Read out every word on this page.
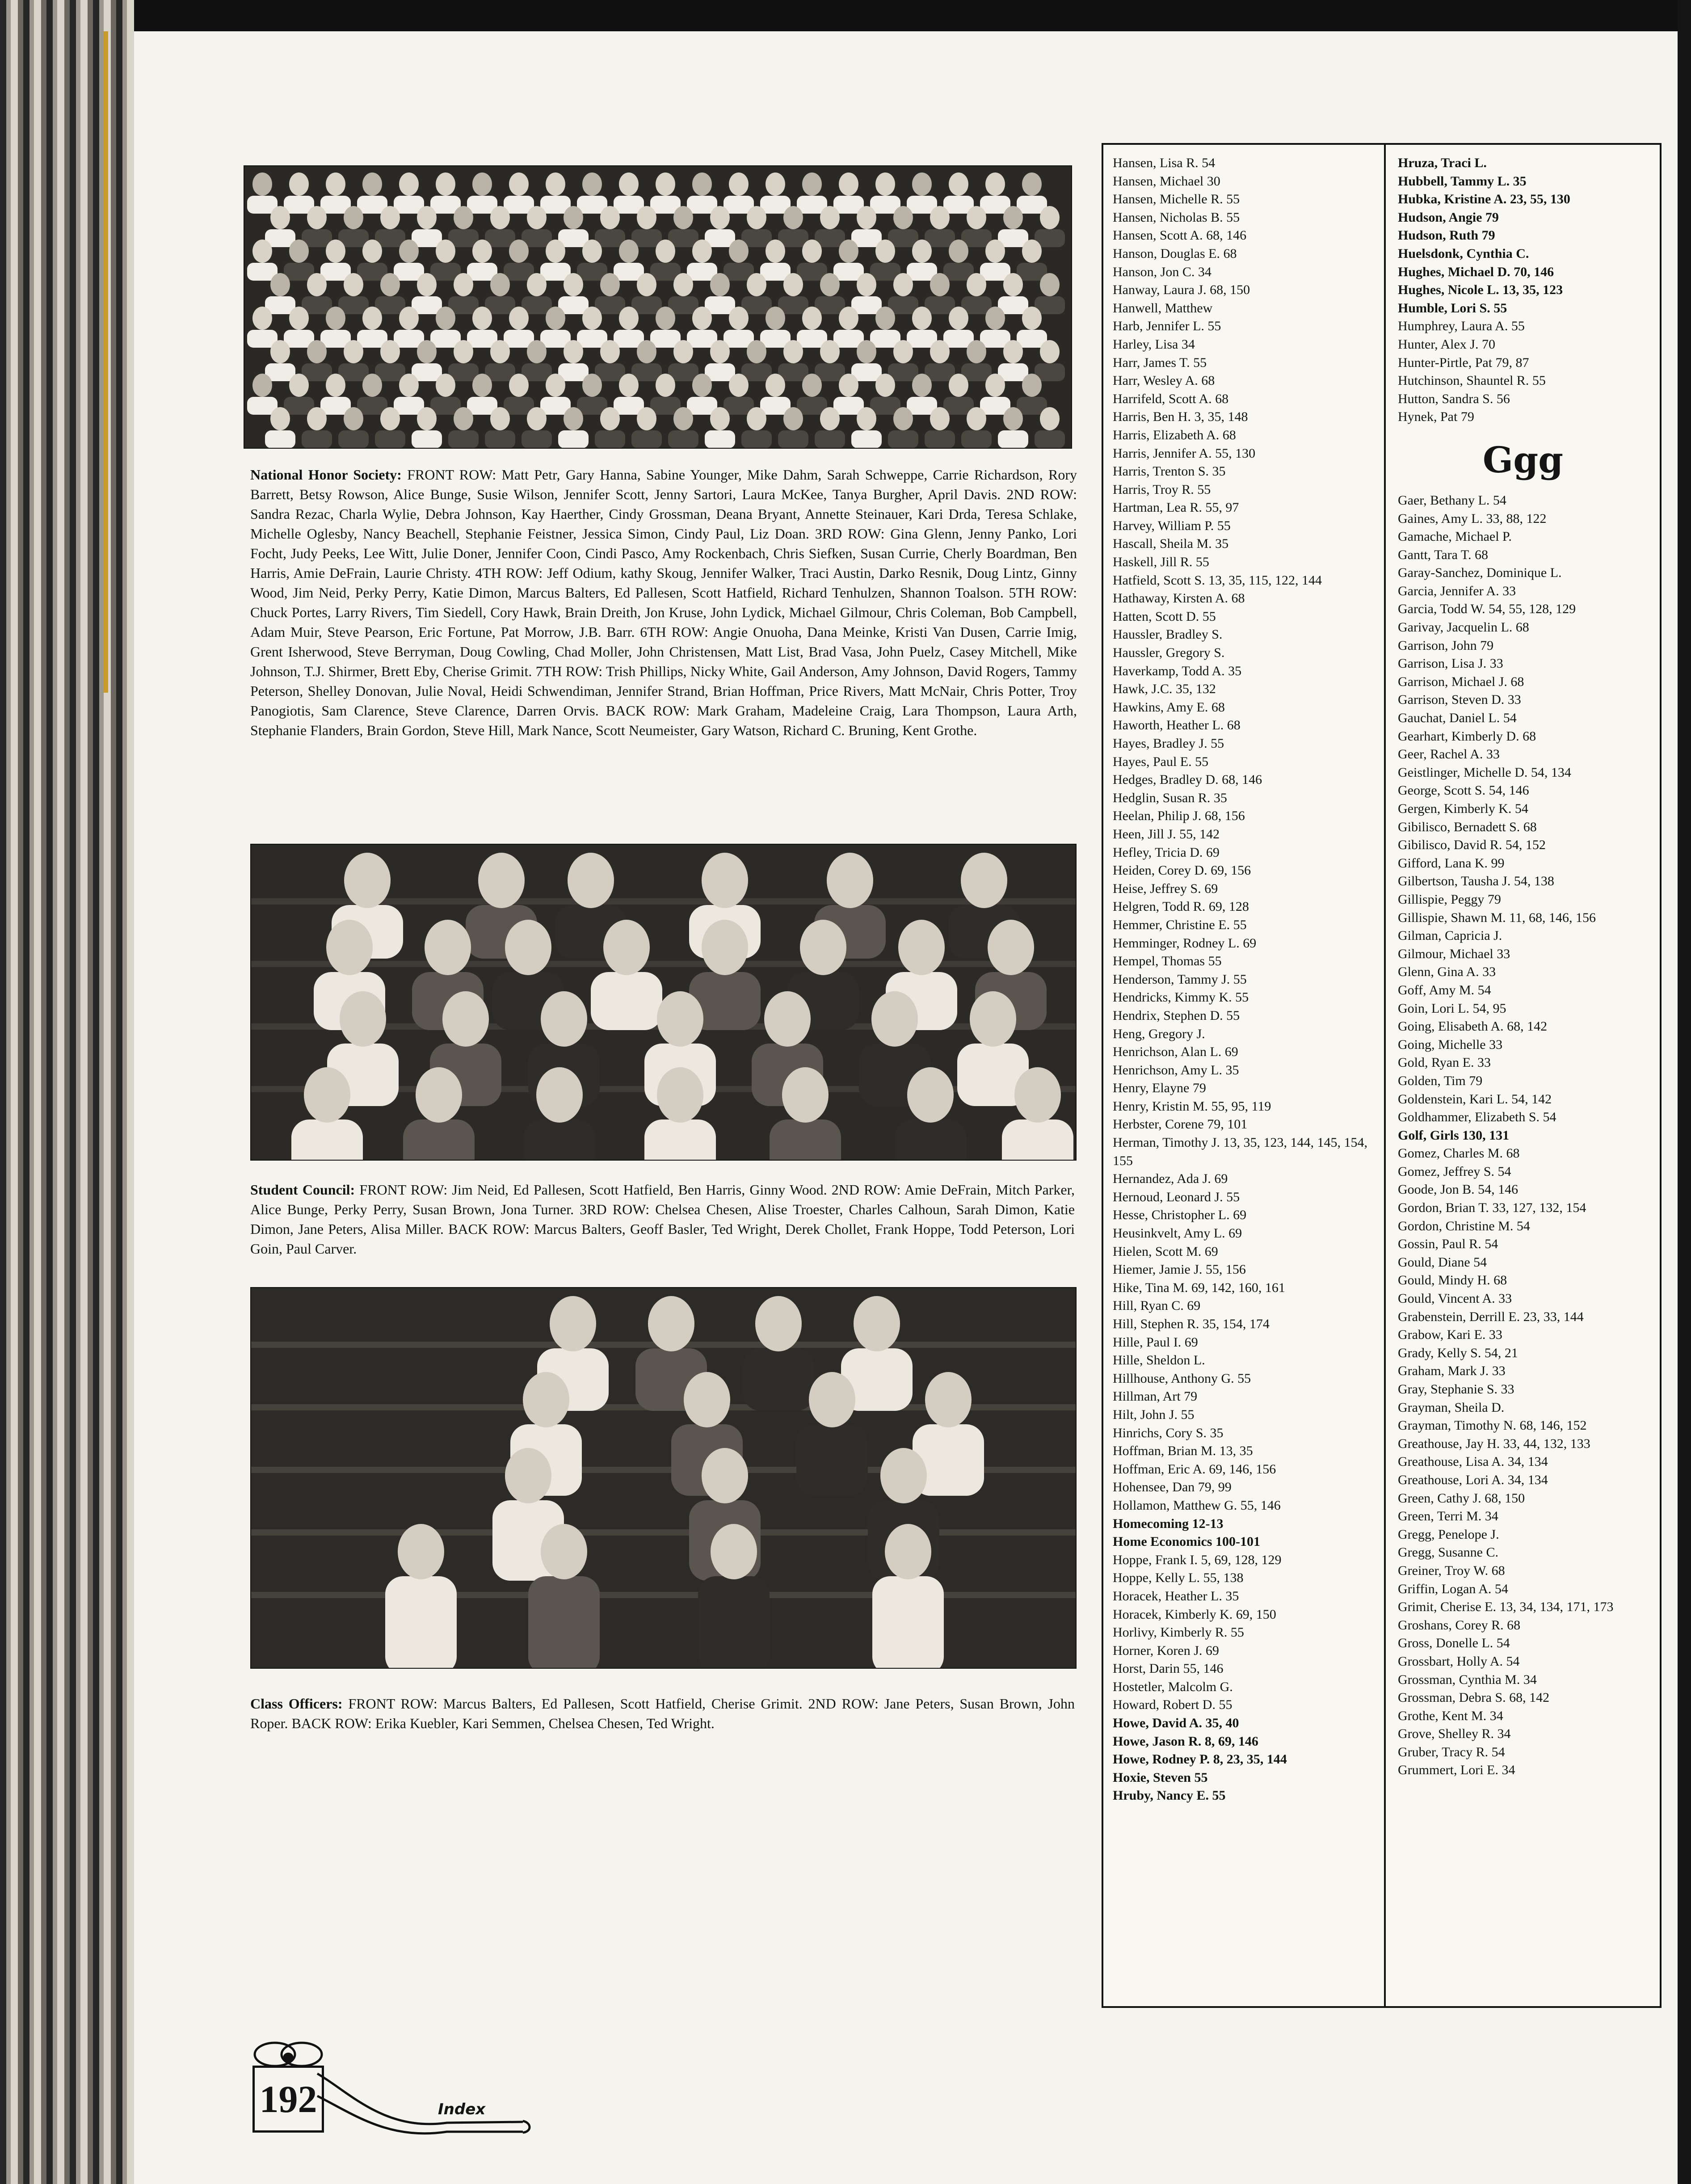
National Honor Society: FRONT ROW: Matt Petr, Gary Hanna, Sabine Younger, Mike Dahm, Sarah Schweppe, Carrie Richardson, Rory Barrett, Betsy Rowson, Alice Bunge, Susie Wilson, Jennifer Scott, Jenny Sartori, Laura McKee, Tanya Burgher, April Davis. 2ND ROW: Sandra Rezac, Charla Wylie, Debra Johnson, Kay Haerther, Cindy Grossman, Deana Bryant, Annette Steinauer, Kari Drda, Teresa Schlake, Michelle Oglesby, Nancy Beachell, Stephanie Feistner, Jessica Simon, Cindy Paul, Liz Doan. 3RD ROW: Gina Glenn, Jenny Panko, Lori Focht, Judy Peeks, Lee Witt, Julie Doner, Jennifer Coon, Cindi Pasco, Amy Rockenbach, Chris Siefken, Susan Currie, Cherly Boardman, Ben Harris, Amie DeFrain, Laurie Christy. 4TH ROW: Jeff Odium, kathy Skoug, Jennifer Walker, Traci Austin, Darko Resnik, Doug Lintz, Ginny Wood, Jim Neid, Perky Perry, Katie Dimon, Marcus Balters, Ed Pallesen, Scott Hatfield, Richard Tenhulzen, Shannon Toalson. 5TH ROW: Chuck Portes, Larry Rivers, Tim Siedell, Cory Hawk, Brain Dreith, Jon Kruse, John Lydick, Michael Gilmour, Chris Coleman, Bob Campbell, Adam Muir, Steve Pearson, Eric Fortune, Pat Morrow, J.B. Barr. 6TH ROW: Angie Onuoha, Dana Meinke, Kristi Van Dusen, Carrie Imig, Grent Isherwood, Steve Berryman, Doug Cowling, Chad Moller, John Christensen, Matt List, Brad Vasa, John Puelz, Casey Mitchell, Mike Johnson, T.J. Shirmer, Brett Eby, Cherise Grimit. 7TH ROW: Trish Phillips, Nicky White, Gail Anderson, Amy Johnson, David Rogers, Tammy Peterson, Shelley Donovan, Julie Noval, Heidi Schwendiman, Jennifer Strand, Brian Hoffman, Price Rivers, Matt McNair, Chris Potter, Troy Panogiotis, Sam Clarence, Steve Clarence, Darren Orvis. BACK ROW: Mark Graham, Madeleine Craig, Lara Thompson, Laura Arth, Stephanie Flanders, Brain Gordon, Steve Hill, Mark Nance, Scott Neumeister, Gary Watson, Richard C. Bruning, Kent Grothe.
Student Council: FRONT ROW: Jim Neid, Ed Pallesen, Scott Hatfield, Ben Harris, Ginny Wood. 2ND ROW: Amie DeFrain, Mitch Parker, Alice Bunge, Perky Perry, Susan Brown, Jona Turner. 3RD ROW: Chelsea Chesen, Alise Troester, Charles Calhoun, Sarah Dimon, Katie Dimon, Jane Peters, Alisa Miller. BACK ROW: Marcus Balters, Geoff Basler, Ted Wright, Derek Chollet, Frank Hoppe, Todd Peterson, Lori Goin, Paul Carver.
Class Officers: FRONT ROW: Marcus Balters, Ed Pallesen, Scott Hatfield, Cherise Grimit. 2ND ROW: Jane Peters, Susan Brown, John Roper. BACK ROW: Erika Kuebler, Kari Semmen, Chelsea Chesen, Ted Wright.
Hansen, Lisa R. 54
Hansen, Michael 30
Hansen, Michelle R. 55
Hansen, Nicholas B. 55
Hansen, Scott A. 68, 146
Hanson, Douglas E. 68
Hanson, Jon C. 34
Hanway, Laura J. 68, 150
Hanwell, Matthew
Harb, Jennifer L. 55
Harley, Lisa 34
Harr, James T. 55
Harr, Wesley A. 68
Harrifeld, Scott A. 68
Harris, Ben H. 3, 35, 148
Harris, Elizabeth A. 68
Harris, Jennifer A. 55, 130
Harris, Trenton S. 35
Harris, Troy R. 55
Hartman, Lea R. 55, 97
Harvey, William P. 55
Hascall, Sheila M. 35
Haskell, Jill R. 55
Hatfield, Scott S. 13, 35, 115, 122, 144
Hathaway, Kirsten A. 68
Hatten, Scott D. 55
Haussler, Bradley S.
Haussler, Gregory S.
Haverkamp, Todd A. 35
Hawk, J.C. 35, 132
Hawkins, Amy E. 68
Haworth, Heather L. 68
Hayes, Bradley J. 55
Hayes, Paul E. 55
Hedges, Bradley D. 68, 146
Hedglin, Susan R. 35
Heelan, Philip J. 68, 156
Heen, Jill J. 55, 142
Hefley, Tricia D. 69
Heiden, Corey D. 69, 156
Heise, Jeffrey S. 69
Helgren, Todd R. 69, 128
Hemmer, Christine E. 55
Hemminger, Rodney L. 69
Hempel, Thomas 55
Henderson, Tammy J. 55
Hendricks, Kimmy K. 55
Hendrix, Stephen D. 55
Heng, Gregory J.
Henrichson, Alan L. 69
Henrichson, Amy L. 35
Henry, Elayne 79
Henry, Kristin M. 55, 95, 119
Herbster, Corene 79, 101
Herman, Timothy J. 13, 35, 123, 144, 145, 154, 155
Hernandez, Ada J. 69
Hernoud, Leonard J. 55
Hesse, Christopher L. 69
Heusinkvelt, Amy L. 69
Hielen, Scott M. 69
Hiemer, Jamie J. 55, 156
Hike, Tina M. 69, 142, 160, 161
Hill, Ryan C. 69
Hill, Stephen R. 35, 154, 174
Hille, Paul I. 69
Hille, Sheldon L.
Hillhouse, Anthony G. 55
Hillman, Art 79
Hilt, John J. 55
Hinrichs, Cory S. 35
Hoffman, Brian M. 13, 35
Hoffman, Eric A. 69, 146, 156
Hohensee, Dan 79, 99
Hollamon, Matthew G. 55, 146
Homecoming 12-13
Home Economics 100-101
Hoppe, Frank I. 5, 69, 128, 129
Hoppe, Kelly L. 55, 138
Horacek, Heather L. 35
Horacek, Kimberly K. 69, 150
Horlivy, Kimberly R. 55
Horner, Koren J. 69
Horst, Darin 55, 146
Hostetler, Malcolm G.
Howard, Robert D. 55
Howe, David A. 35, 40
Howe, Jason R. 8, 69, 146
Howe, Rodney P. 8, 23, 35, 144
Hoxie, Steven 55
Hruby, Nancy E. 55
Hruza, Traci L.
Hubbell, Tammy L. 35
Hubka, Kristine A. 23, 55, 130
Hudson, Angie 79
Hudson, Ruth 79
Huelsdonk, Cynthia C.
Hughes, Michael D. 70, 146
Hughes, Nicole L. 13, 35, 123
Humble, Lori S. 55
Humphrey, Laura A. 55
Hunter, Alex J. 70
Hunter-Pirtle, Pat 79, 87
Hutchinson, Shauntel R. 55
Hutton, Sandra S. 56
Hynek, Pat 79
Ggg
Gaer, Bethany L. 54
Gaines, Amy L. 33, 88, 122
Gamache, Michael P.
Gantt, Tara T. 68
Garay-Sanchez, Dominique L.
Garcia, Jennifer A. 33
Garcia, Todd W. 54, 55, 128, 129
Garivay, Jacquelin L. 68
Garrison, John 79
Garrison, Lisa J. 33
Garrison, Michael J. 68
Garrison, Steven D. 33
Gauchat, Daniel L. 54
Gearhart, Kimberly D. 68
Geer, Rachel A. 33
Geistlinger, Michelle D. 54, 134
George, Scott S. 54, 146
Gergen, Kimberly K. 54
Gibilisco, Bernadett S. 68
Gibilisco, David R. 54, 152
Gifford, Lana K. 99
Gilbertson, Tausha J. 54, 138
Gillispie, Peggy 79
Gillispie, Shawn M. 11, 68, 146, 156
Gilman, Capricia J.
Gilmour, Michael 33
Glenn, Gina A. 33
Goff, Amy M. 54
Goin, Lori L. 54, 95
Going, Elisabeth A. 68, 142
Going, Michelle 33
Gold, Ryan E. 33
Golden, Tim 79
Goldenstein, Kari L. 54, 142
Goldhammer, Elizabeth S. 54
Golf, Girls 130, 131
Gomez, Charles M. 68
Gomez, Jeffrey S. 54
Goode, Jon B. 54, 146
Gordon, Brian T. 33, 127, 132, 154
Gordon, Christine M. 54
Gossin, Paul R. 54
Gould, Diane 54
Gould, Mindy H. 68
Gould, Vincent A. 33
Grabenstein, Derrill E. 23, 33, 144
Grabow, Kari E. 33
Grady, Kelly S. 54, 21
Graham, Mark J. 33
Gray, Stephanie S. 33
Grayman, Sheila D.
Grayman, Timothy N. 68, 146, 152
Greathouse, Jay H. 33, 44, 132, 133
Greathouse, Lisa A. 34, 134
Greathouse, Lori A. 34, 134
Green, Cathy J. 68, 150
Green, Terri M. 34
Gregg, Penelope J.
Gregg, Susanne C.
Greiner, Troy W. 68
Griffin, Logan A. 54
Grimit, Cherise E. 13, 34, 134, 171, 173
Groshans, Corey R. 68
Gross, Donelle L. 54
Grossbart, Holly A. 54
Grossman, Cynthia M. 34
Grossman, Debra S. 68, 142
Grothe, Kent M. 34
Grove, Shelley R. 34
Gruber, Tracy R. 54
Grummert, Lori E. 34
192	Index
